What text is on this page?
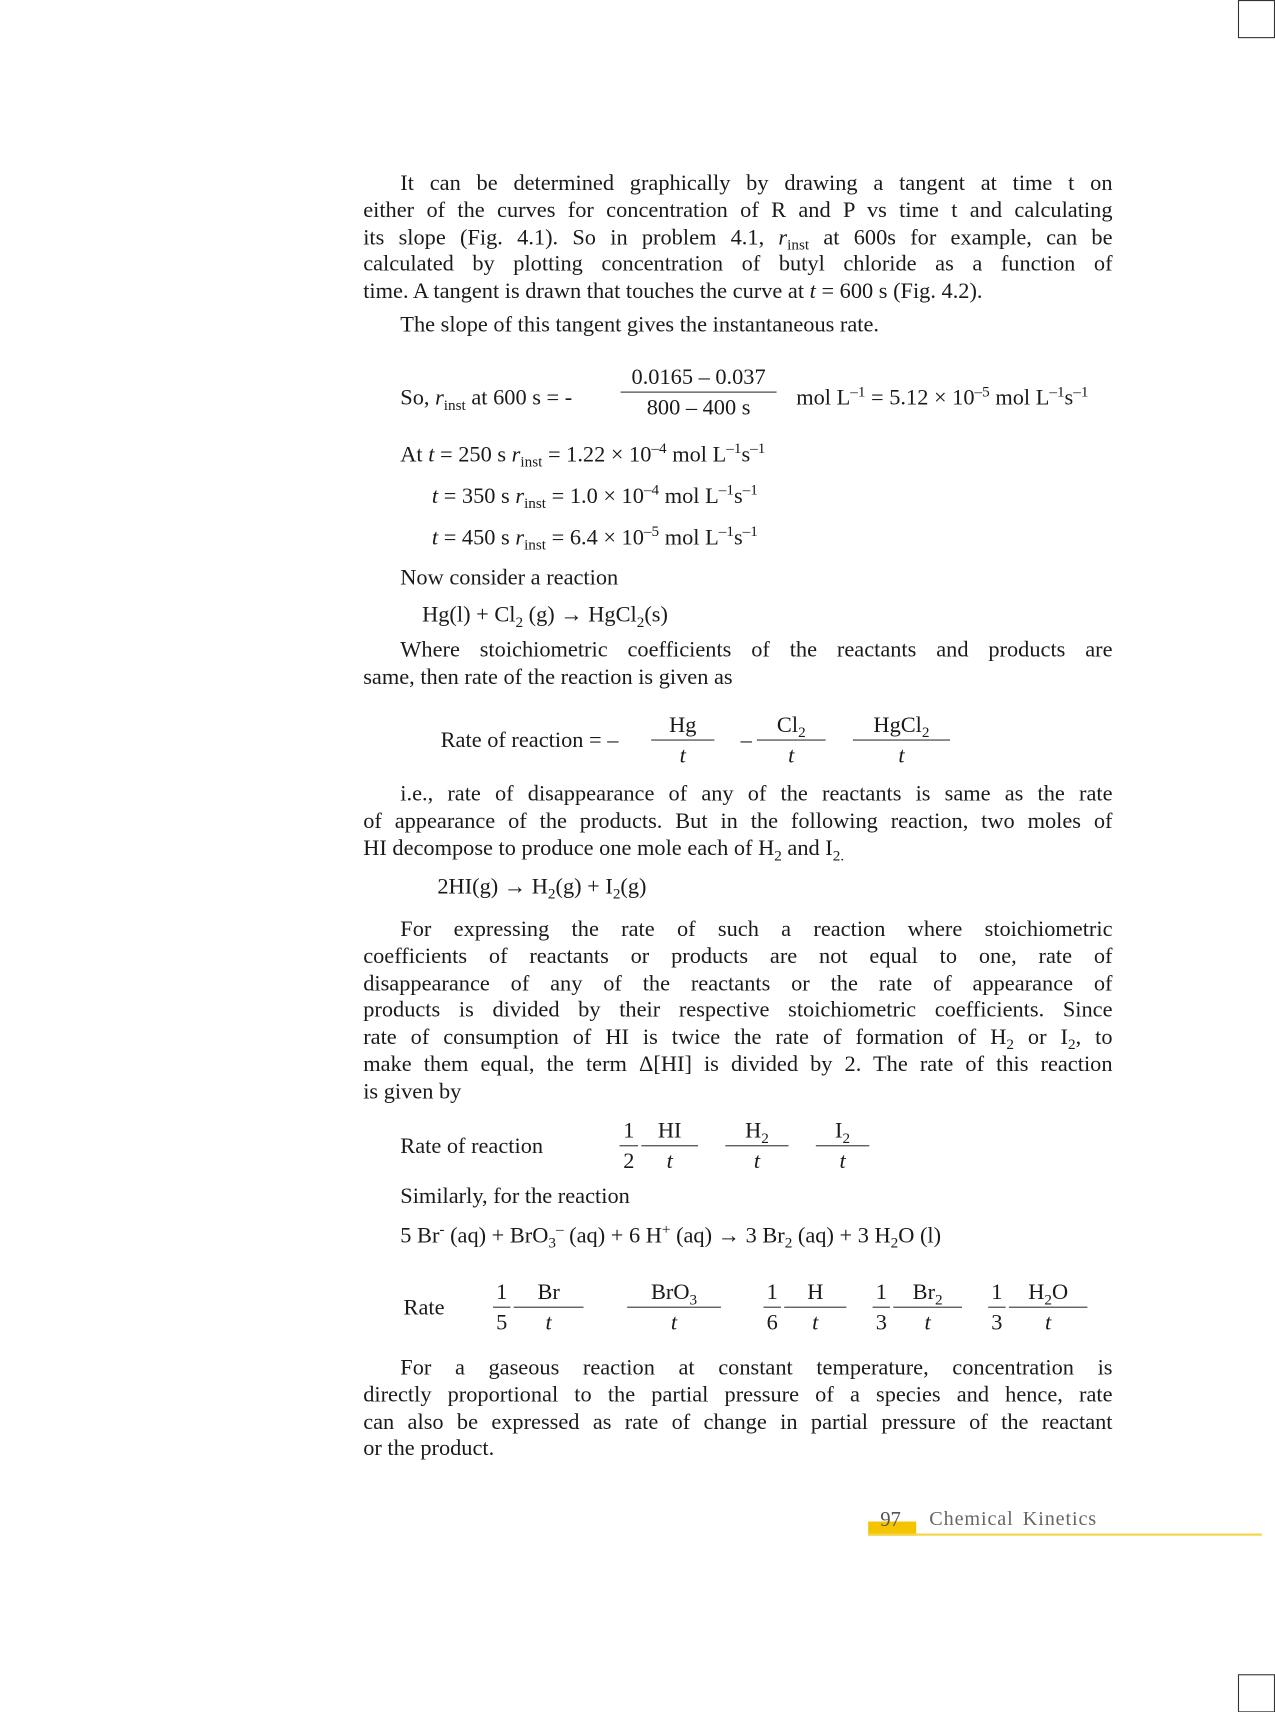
It can be determined graphically by drawing a tangent at time t on
either of the curves for concentration of R and P vs time t and calculating
its slope (Fig. 4.1). So in problem 4.1, $r_{inst}$ at 600s for example, can be
calculated by plotting concentration of butyl chloride as a function of
time. A tangent is drawn that touches the curve at t = 600 s (Fig. 4.2).
The slope of this tangent gives the instantaneous rate.
So, $r_{inst}$ at 600 s = - $\frac{0.0165 - 0.037}{800 - 400 s}$ mol $L^{-1} = 5.12 \times 10^{-5}$ mol $L^{-1}s^{-1}$
At t = 250 s $r_{inst} = 1.22 \times 10^{-4}$ mol $L^{-1}s^{-1}$
t = 350 s $r_{inst} = 1.0 \times 10^{-4}$ mol $L^{-1}s^{-1}$
t = 450 s $r_{inst} = 6.4 \times 10^{-5}$ mol $L^{-1}s^{-1}$
Now consider a reaction
$Hg(l) + Cl_2$ (g) → HgCl$_2$(s)
Where stoichiometric coefficients of the reactants and products are
same, then rate of the reaction is given as
Rate of reaction = – $\frac{Hg}{t} - \frac{Cl_2}{t}$	HgCl$_2$
t
i.e., rate of disappearance of any of the reactants is same as the rate
of appearance of the products. But in the following reaction, two moles of
HI decompose to produce one mole each of $H_2$ and $I_{2.}$
$2HI(g) \to H_2(g) + I_2(g)$
For expressing the rate of such a reaction where stoichiometric
coefficients of reactants or products are not equal to one, rate of
disappearance of any of the reactants or the rate of appearance of
products is divided by their respective stoichiometric coefficients. Since
rate of consumption of HI is twice the rate of formation of $H_2$ or $I_2$, to
make them equal, the term Δ[HI] is divided by 2. The rate of this reaction
is given by
Rate of reaction	$\frac{1}{2} \frac{HI}{t} \frac{H_2}{t} \frac{I_2}{t}$
Similarly, for the reaction
5 Br- (aq) + BrO$_3$– (aq) + 6 H+ (aq) → 3 $Br_2$ (aq) + 3 $H_2O$ (l)
Rate $\frac{1}{5} \frac{Br}{t}$	BrO$_3$
t	$\frac{1}{6} \frac{H}{t} \frac{1}{3} \frac{Br_2}{t} \frac{1}{3} \frac{H_2O}{t}$
For a gaseous reaction at constant temperature, concentration is
directly proportional to the partial pressure of a species and hence, rate
can also be expressed as rate of change in partial pressure of the reactant
or the product.
97 Chemical Kinetics
